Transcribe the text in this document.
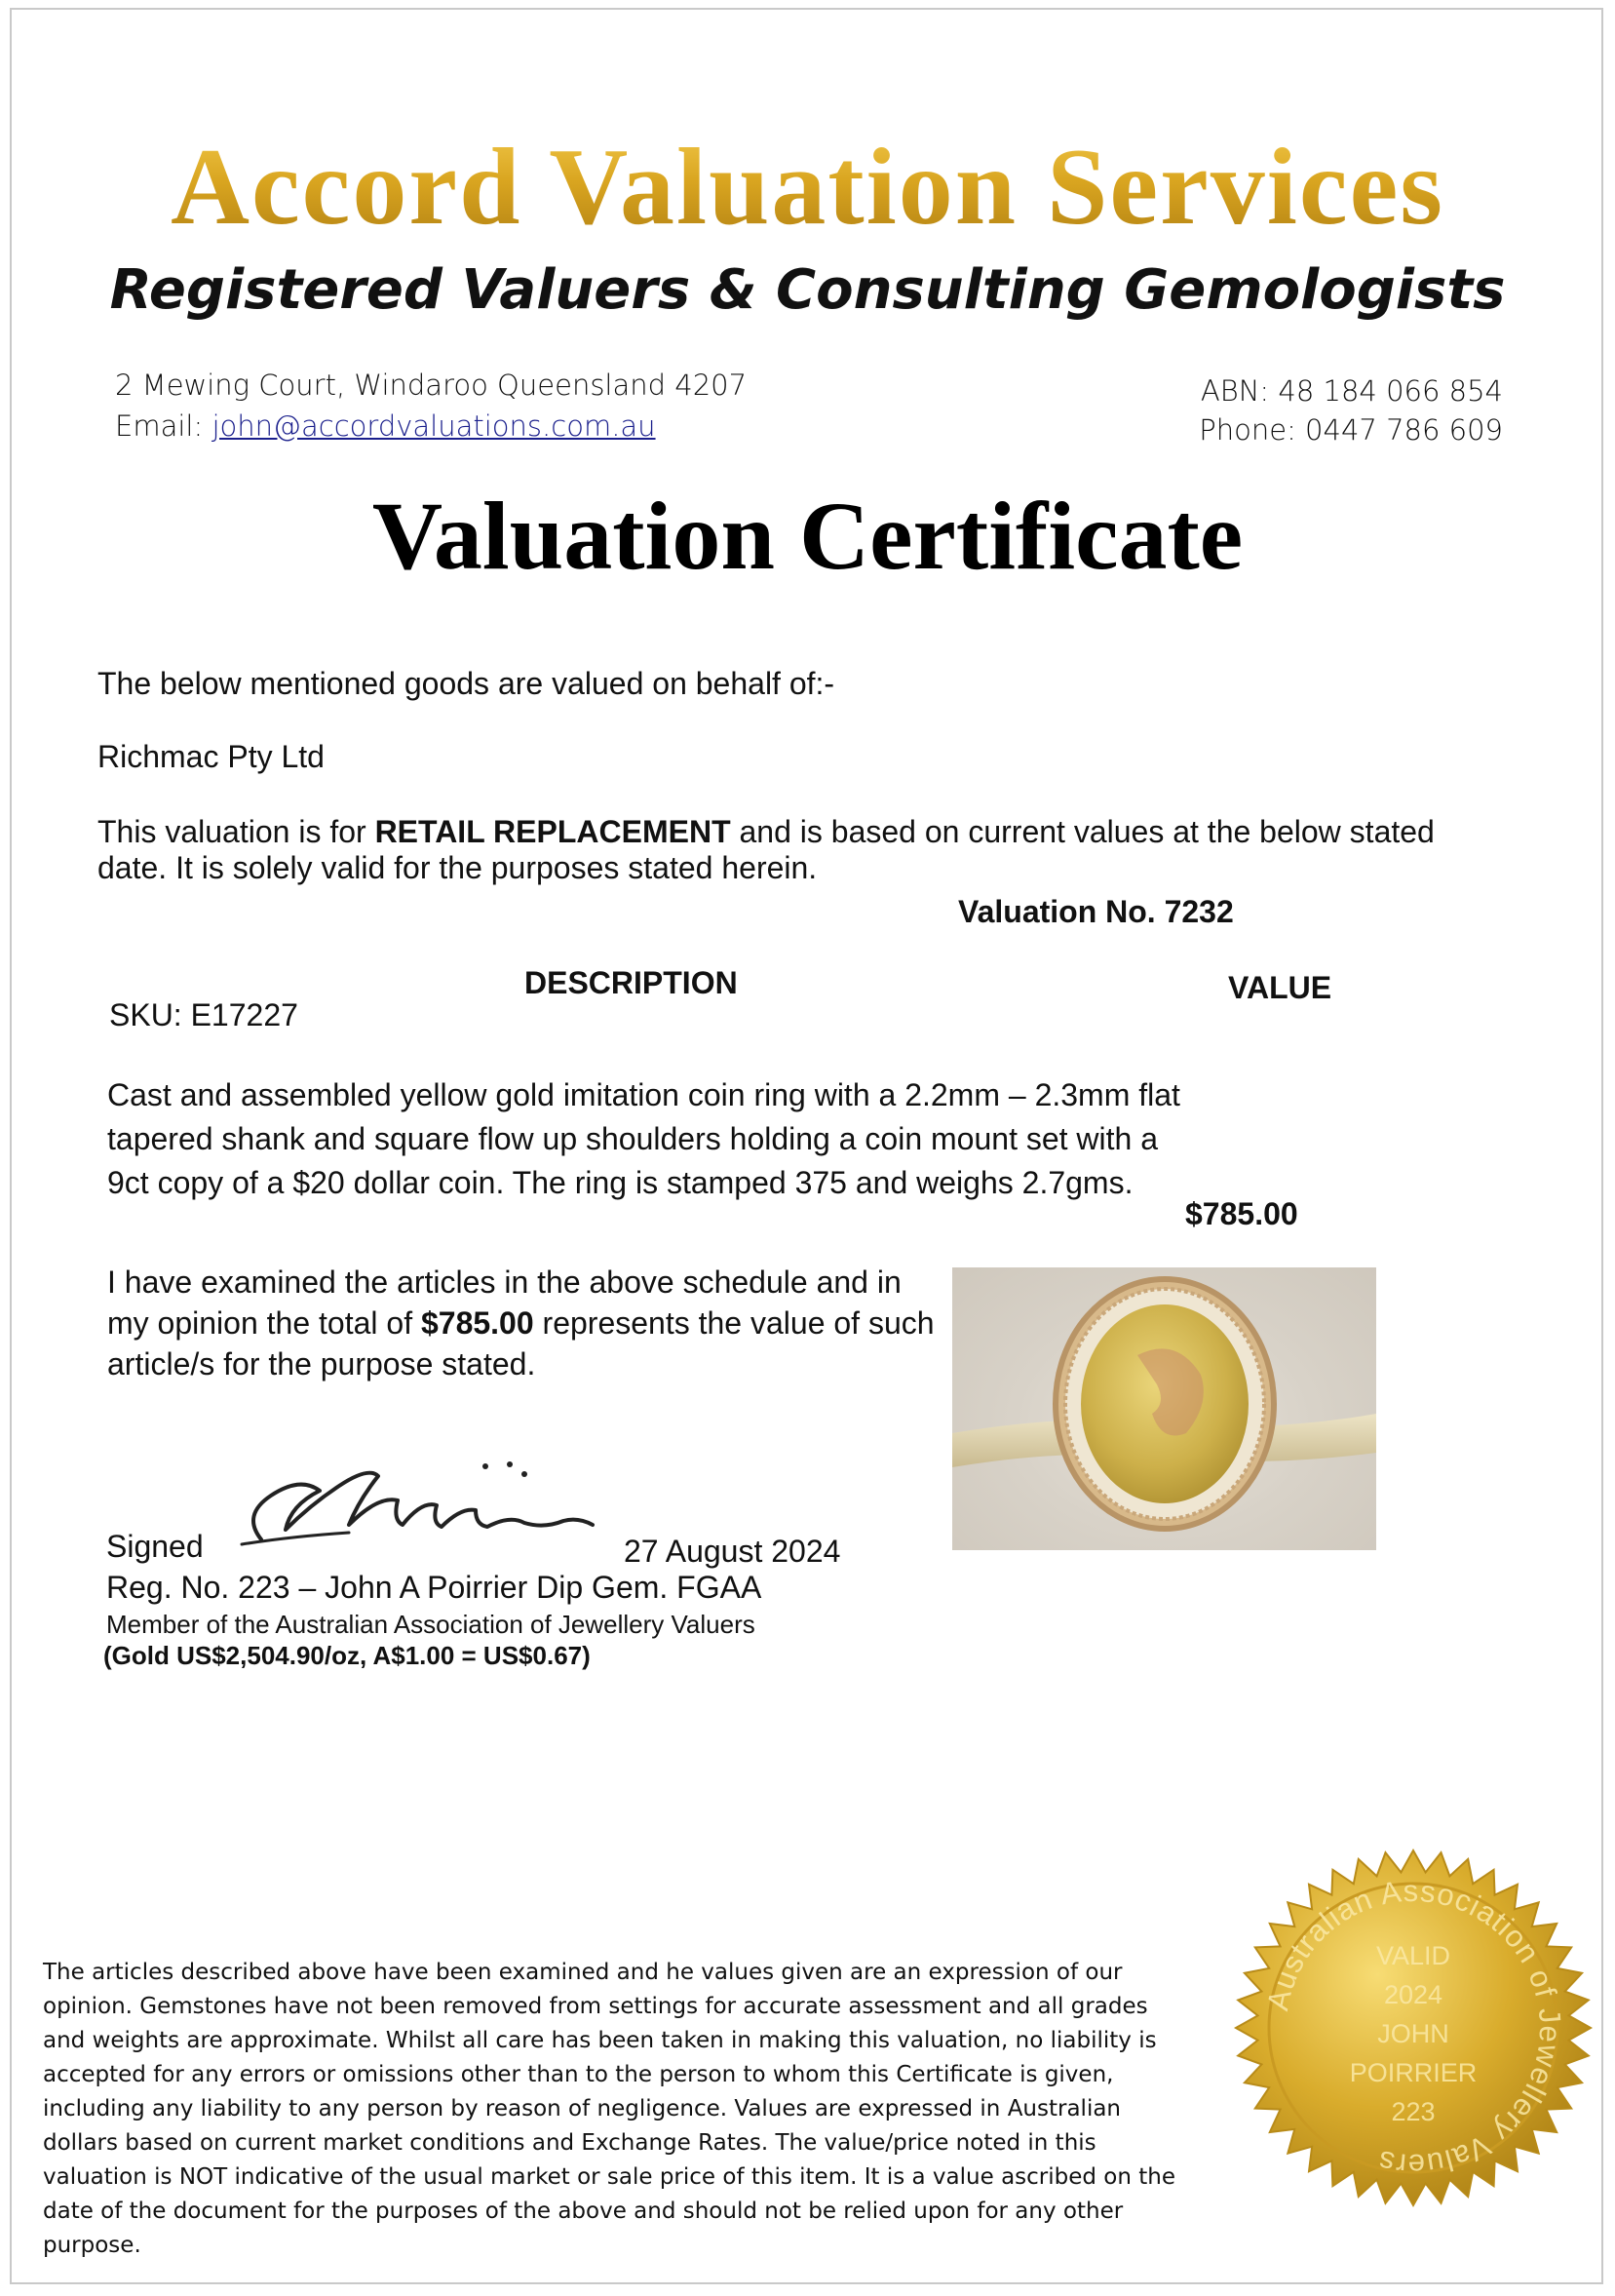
Accord Valuation Services
Registered Valuers & Consulting Gemologists
2 Mewing Court, Windaroo Queensland 4207
Email: john@accordvaluations.com.au
ABN: 48 184 066 854
Phone: 0447 786 609
Valuation Certificate
The below mentioned goods are valued on behalf of:-
Richmac Pty Ltd
This valuation is for RETAIL REPLACEMENT and is based on current values at the below stated
date. It is solely valid for the purposes stated herein.
Valuation No. 7232
DESCRIPTION	VALUE
SKU: E17227
Cast and assembled yellow gold imitation coin ring with a 2.2mm – 2.3mm flat tapered shank and square flow up shoulders holding a coin mount set with a 9ct copy of a $20 dollar coin. The ring is stamped 375 and weighs 2.7gms.
$785.00
I have examined the articles in the above schedule and in my opinion the total of $785.00 represents the value of such article/s for the purpose stated.
Signed	27 August 2024
Reg. No. 223 – John A Poirrier Dip Gem. FGAA
Member of the Australian Association of Jewellery Valuers
(Gold US$2,504.90/oz, A$1.00 = US$0.67)
The articles described above have been examined and he values given are an expression of our opinion. Gemstones have not been removed from settings for accurate assessment and all grades and weights are approximate. Whilst all care has been taken in making this valuation, no liability is accepted for any errors or omissions other than to the person to whom this Certificate is given, including any liability to any person by reason of negligence. Values are expressed in Australian dollars based on current market conditions and Exchange Rates. The value/price noted in this valuation is NOT indicative of the usual market or sale price of this item. It is a value ascribed on the date of the document for the purposes of the above and should not be relied upon for any other purpose.
Australian Association of Jewellery Valuers
VALID
2024
JOHN
POIRRIER
223
